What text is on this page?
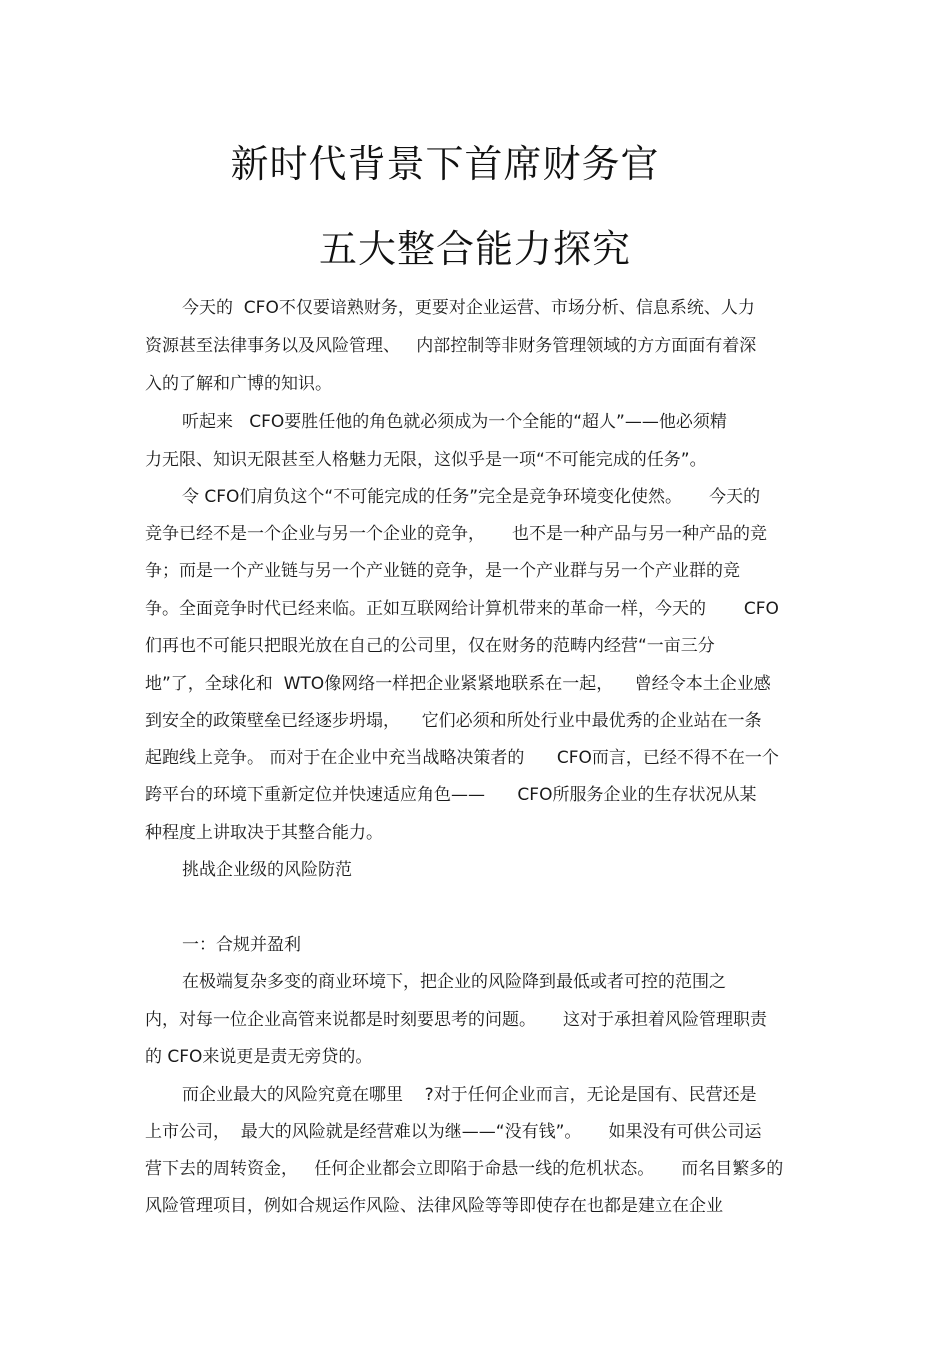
新时代背景下首席财务官
五大整合能力探究
今天的  CFO不仅要谙熟财务，更要对企业运营、市场分析、信息系统、人力
资源甚至法律事务以及风险管理、   内部控制等非财务管理领域的方方面面有着深
入的了解和广博的知识。
听起来   CFO要胜任他的角色就必须成为一个全能的“超人”——他必须精
力无限、知识无限甚至人格魅力无限，这似乎是一项“不可能完成的任务”。
令 CFO们肩负这个“不可能完成的任务”完全是竞争环境变化使然。     今天的
竞争已经不是一个企业与另一个企业的竞争，     也不是一种产品与另一种产品的竞
争；而是一个产业链与另一个产业链的竞争，是一个产业群与另一个产业群的竞
争。全面竞争时代已经来临。正如互联网给计算机带来的革命一样，今天的       CFO
们再也不可能只把眼光放在自己的公司里，仅在财务的范畴内经营“一亩三分
地”了，全球化和  WTO像网络一样把企业紧紧地联系在一起，    曾经令本土企业感
到安全的政策壁垒已经逐步坍塌，    它们必须和所处行业中最优秀的企业站在一条
起跑线上竞争。 而对于在企业中充当战略决策者的      CFO而言，已经不得不在一个
跨平台的环境下重新定位并快速适应角色——      CFO所服务企业的生存状况从某
种程度上讲取决于其整合能力。
挑战企业级的风险防范
一：合规并盈利
在极端复杂多变的商业环境下，把企业的风险降到最低或者可控的范围之
内，对每一位企业高管来说都是时刻要思考的问题。     这对于承担着风险管理职责
的 CFO来说更是责无旁贷的。
而企业最大的风险究竟在哪里    ?对于任何企业而言，无论是国有、民营还是
上市公司，  最大的风险就是经营难以为继——“没有钱”。     如果没有可供公司运
营下去的周转资金，   任何企业都会立即陷于命悬一线的危机状态。     而名目繁多的
风险管理项目，例如合规运作风险、法律风险等等即使存在也都是建立在企业
